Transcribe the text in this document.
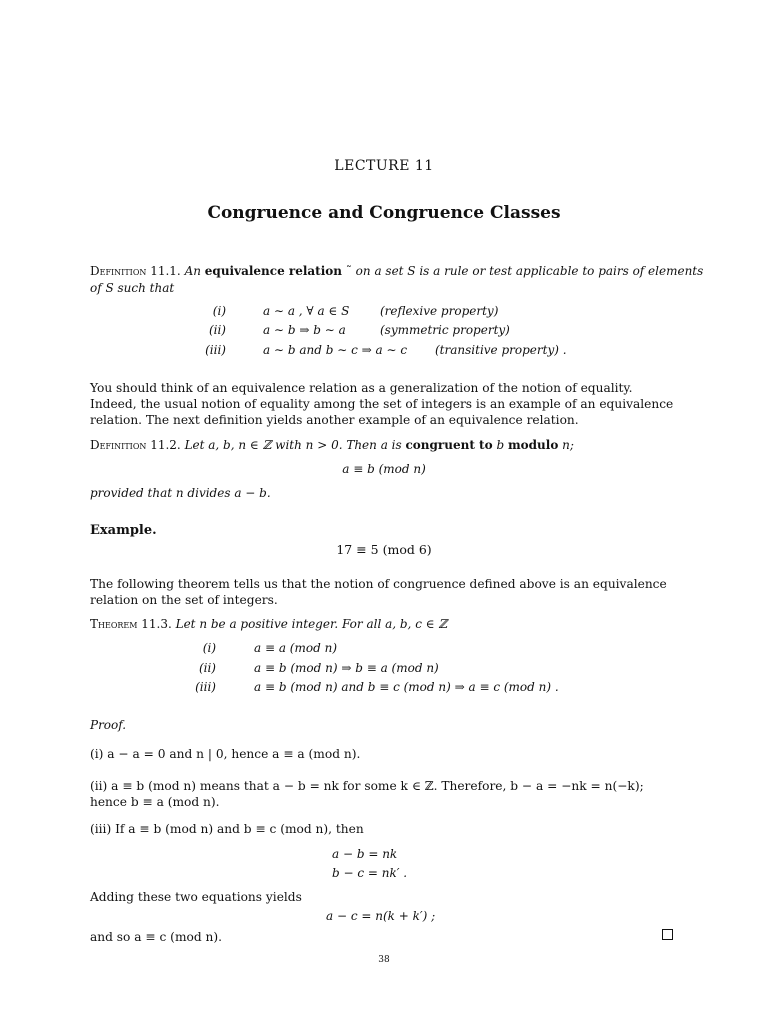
LECTURE 11
Congruence and Congruence Classes
Definition 11.1. An equivalence relation ˜ on a set S is a rule or test applicable to pairs of elements
of S such that
(i)	a ∼ a , ∀ a ∈ S	(reflexive property)
(ii)	a ∼ b ⇒ b ∼ a	(symmetric property)
(iii)	a ∼ b and b ∼ c ⇒ a ∼ c (transitive property) .
You should think of an equivalence relation as a generalization of the notion of equality. Indeed, the usual notion of equality among the set of integers is an example of an equivalence relation. The next definition yields another example of an equivalence relation.
Definition 11.2. Let a, b, n ∈ ℤ with n > 0. Then a is congruent to b modulo n;
a ≡ b (mod n)
provided that n divides a − b.
Example.
17 ≡ 5 (mod 6)
The following theorem tells us that the notion of congruence defined above is an equivalence relation on the set of integers.
Theorem 11.3. Let n be a positive integer. For all a, b, c ∈ ℤ
(i)	a ≡ a (mod n)
(ii)	a ≡ b (mod n) ⇒ b ≡ a (mod n)
(iii)	a ≡ b (mod n) and b ≡ c (mod n) ⇒ a ≡ c (mod n) .
Proof.
(i) a − a = 0 and n | 0, hence a ≡ a (mod n).
(ii) a ≡ b (mod n) means that a − b = nk for some k ∈ ℤ. Therefore, b − a = −nk = n(−k); hence b ≡ a (mod n).
(iii) If a ≡ b (mod n) and b ≡ c (mod n), then
a − b = nk
b − c = nk′ .
Adding these two equations yields
a − c = n(k + k′) ;
and so a ≡ c (mod n).
38
